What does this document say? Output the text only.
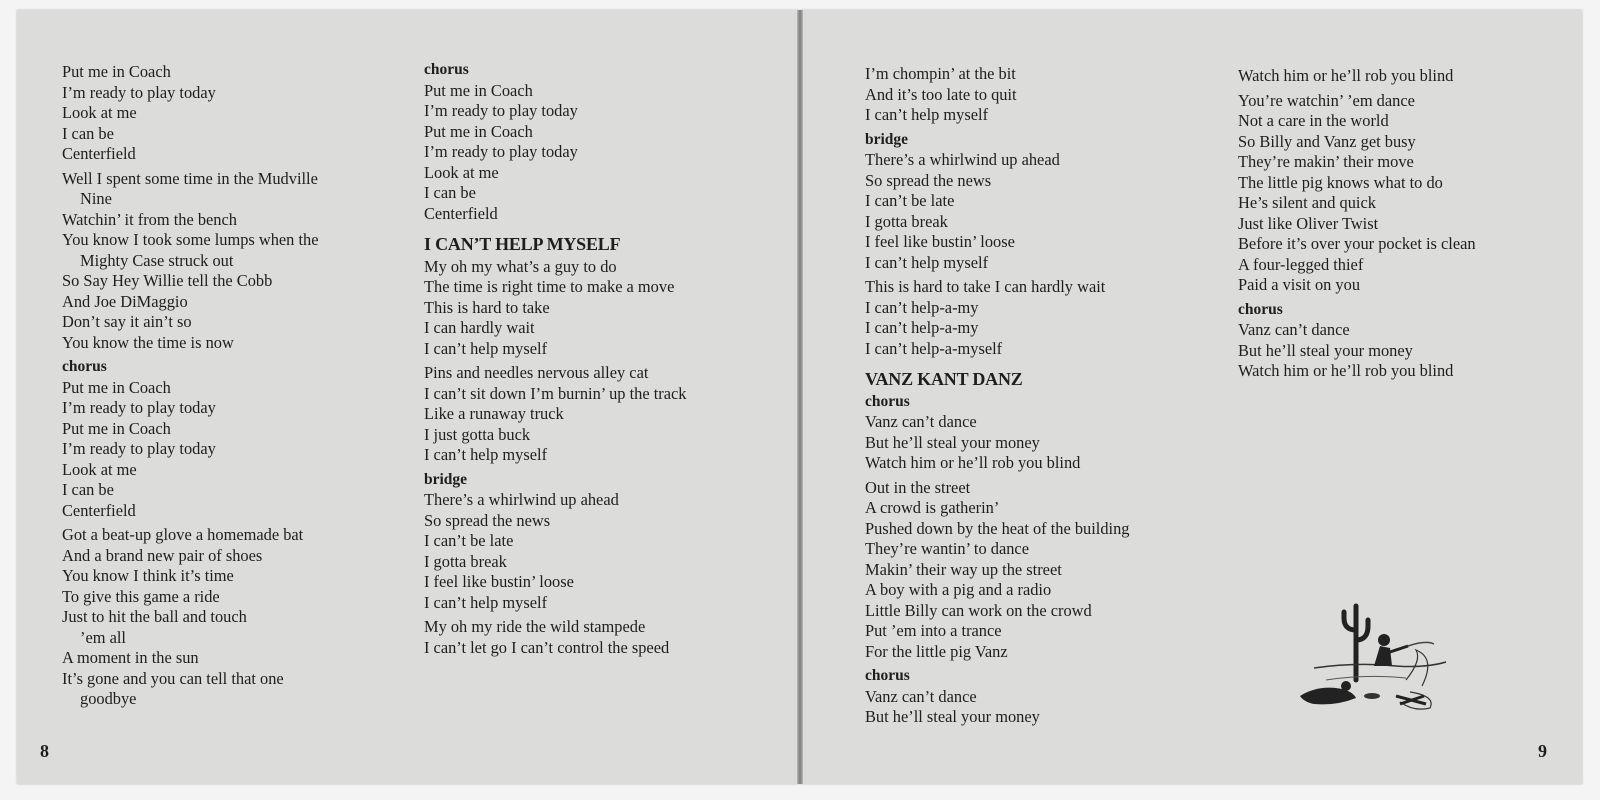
Put me in Coach
I’m ready to play today
Look at me
I can be
Centerfield
Well I spent some time in the Mudville
Nine
Watchin’ it from the bench
You know I took some lumps when the
Mighty Case struck out
So Say Hey Willie tell the Cobb
And Joe DiMaggio
Don’t say it ain’t so
You know the time is now
chorus
Put me in Coach
I’m ready to play today
Put me in Coach
I’m ready to play today
Look at me
I can be
Centerfield
Got a beat-up glove a homemade bat
And a brand new pair of shoes
You know I think it’s time
To give this game a ride
Just to hit the ball and touch
’em all
A moment in the sun
It’s gone and you can tell that one
goodbye
chorus
Put me in Coach
I’m ready to play today
Put me in Coach
I’m ready to play today
Look at me
I can be
Centerfield
I CAN’T HELP MYSELF
My oh my what’s a guy to do
The time is right time to make a move
This is hard to take
I can hardly wait
I can’t help myself
Pins and needles nervous alley cat
I can’t sit down I’m burnin’ up the track
Like a runaway truck
I just gotta buck
I can’t help myself
bridge
There’s a whirlwind up ahead
So spread the news
I can’t be late
I gotta break
I feel like bustin’ loose
I can’t help myself
My oh my ride the wild stampede
I can’t let go I can’t control the speed
8
I’m chompin’ at the bit
And it’s too late to quit
I can’t help myself
bridge
There’s a whirlwind up ahead
So spread the news
I can’t be late
I gotta break
I feel like bustin’ loose
I can’t help myself
This is hard to take I can hardly wait
I can’t help-a-my
I can’t help-a-my
I can’t help-a-myself
VANZ KANT DANZ
chorus
Vanz can’t dance
But he’ll steal your money
Watch him or he’ll rob you blind
Out in the street
A crowd is gatherin’
Pushed down by the heat of the building
They’re wantin’ to dance
Makin’ their way up the street
A boy with a pig and a radio
Little Billy can work on the crowd
Put ’em into a trance
For the little pig Vanz
chorus
Vanz can’t dance
But he’ll steal your money
Watch him or he’ll rob you blind
You’re watchin’ ’em dance
Not a care in the world
So Billy and Vanz get busy
They’re makin’ their move
The little pig knows what to do
He’s silent and quick
Just like Oliver Twist
Before it’s over your pocket is clean
A four-legged thief
Paid a visit on you
chorus
Vanz can’t dance
But he’ll steal your money
Watch him or he’ll rob you blind
9
